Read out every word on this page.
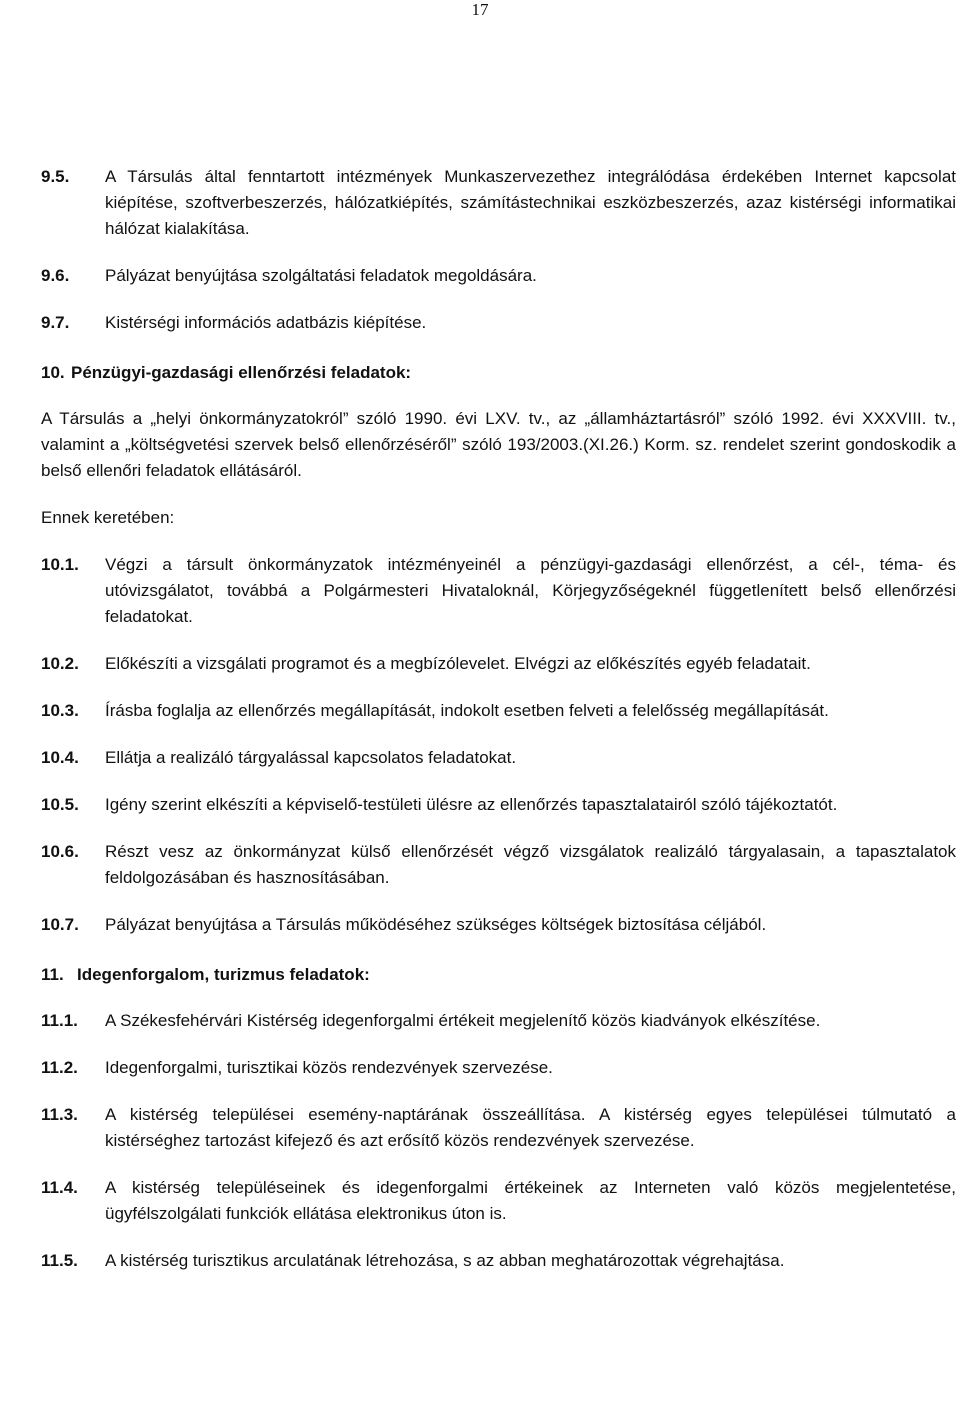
17
9.5.	A Társulás által fenntartott intézmények Munkaszervezethez integrálódása érdekében Internet kapcsolat kiépítése, szoftverbeszerzés, hálózatkiépítés, számítástechnikai eszközbeszerzés, azaz kistérségi informatikai hálózat kialakítása.
9.6.	Pályázat benyújtása szolgáltatási feladatok megoldására.
9.7.	Kistérségi információs adatbázis kiépítése.
10. Pénzügyi-gazdasági ellenőrzési feladatok:

A Társulás a „helyi önkormányzatokról” szóló 1990. évi LXV. tv., az „államháztartásról” szóló 1992. évi XXXVIII. tv., valamint a „költségvetési szervek belső ellenőrzéséről” szóló 193/2003.(XI.26.) Korm. sz. rendelet szerint gondoskodik a belső ellenőri feladatok ellátásáról.

Ennek keretében:

10.1.	Végzi a társult önkormányzatok intézményeinél a pénzügyi-gazdasági ellenőrzést, a cél-, téma- és utóvizsgálatot, továbbá a Polgármesteri Hivataloknál, Körjegyzőségeknél függetlenített belső ellenőrzési feladatokat.
10.2.	Előkészíti a vizsgálati programot és a megbízólevelet. Elvégzi az előkészítés egyéb feladatait.
10.3.	Írásba foglalja az ellenőrzés megállapítását, indokolt esetben felveti a felelősség megállapítását.
10.4.	Ellátja a realizáló tárgyalással kapcsolatos feladatokat.
10.5.	Igény szerint elkészíti a képviselő-testületi ülésre az ellenőrzés tapasztalatairól szóló tájékoztatót.
10.6.	Részt vesz az önkormányzat külső ellenőrzését végző vizsgálatok realizáló tárgyalasain, a tapasztalatok feldolgozásában és hasznosításában.
10.7.	Pályázat benyújtása a Társulás működéséhez szükséges költségek biztosítása céljából.
11. Idegenforgalom, turizmus feladatok:
11.1.	A Székesfehérvári Kistérség idegenforgalmi értékeit megjelenítő közös kiadványok elkészítése.
11.2.	Idegenforgalmi, turisztikai közös rendezvények szervezése.
11.3.	A kistérség települései esemény-naptárának összeállítása. A kistérség egyes települései túlmutató a kistérséghez tartozást kifejező és azt erősítő közös rendezvények szervezése.
11.4.	A kistérség településeinek és idegenforgalmi értékeinek az Interneten való közös megjelentetése, ügyfélszolgálati funkciók ellátása elektronikus úton is.
11.5.	A kistérség turisztikus arculatának létrehozása, s az abban meghatározottak végrehajtása.
